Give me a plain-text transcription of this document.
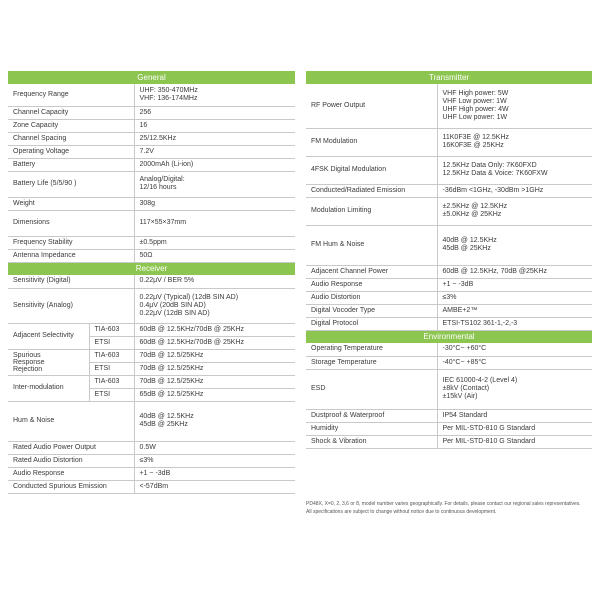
General		
Frequency Range		UHF: 350-470MHz
VHF: 136-174MHz

Channel Capacity		256

Zone Capacity		16

Channel Spacing		25/12.5KHz

Operating Voltage		7.2V

Battery		2000mAh (Li-ion)

Battery Life (5/5/90 )		Analog/Digital:
12/16 hours

Weight		308g

Dimensions		117×55×37mm

Frequency Stability		±0.5ppm

Antenna Impedance		50Ω

Receiver		
Sensitivity (Digital)		0.22μV / BER 5%
Sensitivity (Analog)		0.22μV (Typical) (12dB SIN AD)
0.4μV (20dB SIN AD)
0.22μV (12dB SIN AD)

Adjacent Selectivity	TIA-603	60dB @ 12.5KHz/70dB @ 25KHz
	ETSI	60dB @ 12.5KHz/70dB @ 25KHz

Spurious
Response
Rejection	TIA-603	70dB @ 12.5/25KHz
	ETSI	70dB @ 12.5/25KHz
Inter-modulation	TIA-603	70dB @ 12.5/25KHz
	ETSI	65dB @ 12.5/25KHz
Hum & Noise		40dB @ 12.5KHz
45dB @ 25KHz

Rated Audio Power Output		0.5W
Rated Audio Distortion		≤3%
Audio Response		+1 ~ -3dB
Conducted Spurious Emission		<-57dBm
Transmitter	
RF Power Output	VHF High power: 5W
VHF Low power: 1W
UHF High power: 4W
UHF Low power: 1W

FM Modulation	11K0F3E @ 12.5KHz
16K0F3E @ 25KHz

4FSK Digital Modulation	12.5KHz Data Only: 7K60FXD
12.5KHz Data & Voice: 7K60FXW

Conducted/Radiated Emission	-36dBm <1GHz, -30dBm >1GHz

Modulation Limiting	±2.5KHz @ 12.5KHz
±5.0KHz @ 25KHz

FM Hum & Noise	40dB @ 12.5KHz
45dB @ 25KHz

Adjacent Channel Power	60dB @ 12.5KHz, 70dB @25KHz

Audio Response	+1 ~ -3dB

Audio Distortion	≤3%

Digital Vocoder Type	AMBE+2™

Digital Protocol	ETSI-TS102 361-1,-2,-3

Environmental	
Operating Temperature	-30°C~ +60°C

Storage Temperature	-40°C~ +85°C

ESD	IEC 61000-4-2 (Level 4)
±8kV (Contact)
±15kV (Air)

Dustproof & Waterproof	IP54 Standard

Humidity	Per MIL-STD-810 G Standard

Shock & Vibration	Per MIL-STD-810 G Standard

PD48X, X=0, 2, 3,6 or 8, model number varies geographically. For details, please contact our regional sales representatives.

All specifications are subject to change without notice due to continuous development.
